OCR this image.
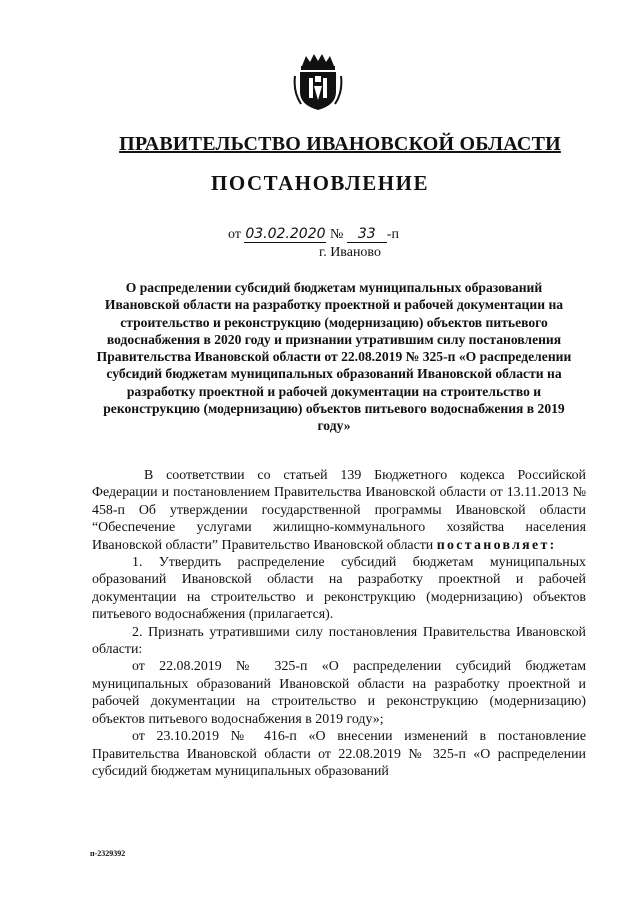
ПРАВИТЕЛЬСТВО ИВАНОВСКОЙ ОБЛАСТИ
ПОСТАНОВЛЕНИЕ
от 03.02.2020 № 33 -п
г. Иваново

О распределении субсидий бюджетам муниципальных образований Ивановской области на разработку проектной и рабочей документации на строительство и реконструкцию (модернизацию) объектов питьевого водоснабжения в 2020 году и признании утратившим силу постановления Правительства Ивановской области от 22.08.2019 № 325-п «О распределении субсидий бюджетам муниципальных образований Ивановской области на разработку проектной и рабочей документации на строительство и реконструкцию (модернизацию) объектов питьевого водоснабжения в 2019 году»

В соответствии со статьей 139 Бюджетного кодекса Российской Федерации и постановлением Правительства Ивановской области от 13.11.2013 № 458-п Об утверждении государственной программы Ивановской области “Обеспечение услугами жилищно-коммунального хозяйства населения Ивановской области” Правительство Ивановской области постановляет:

1. Утвердить распределение субсидий бюджетам муниципальных образований Ивановской области на разработку проектной и рабочей документации на строительство и реконструкцию (модернизацию) объектов питьевого водоснабжения (прилагается).

2. Признать утратившими силу постановления Правительства Ивановской области:

от 22.08.2019 № 325-п «О распределении субсидий бюджетам муниципальных образований Ивановской области на разработку проектной и рабочей документации на строительство и реконструкцию (модернизацию) объектов питьевого водоснабжения в 2019 году»;

от 23.10.2019 № 416-п «О внесении изменений в постановление Правительства Ивановской области от 22.08.2019 № 325-п «О распределении субсидий бюджетам муниципальных образований

п-2329392
